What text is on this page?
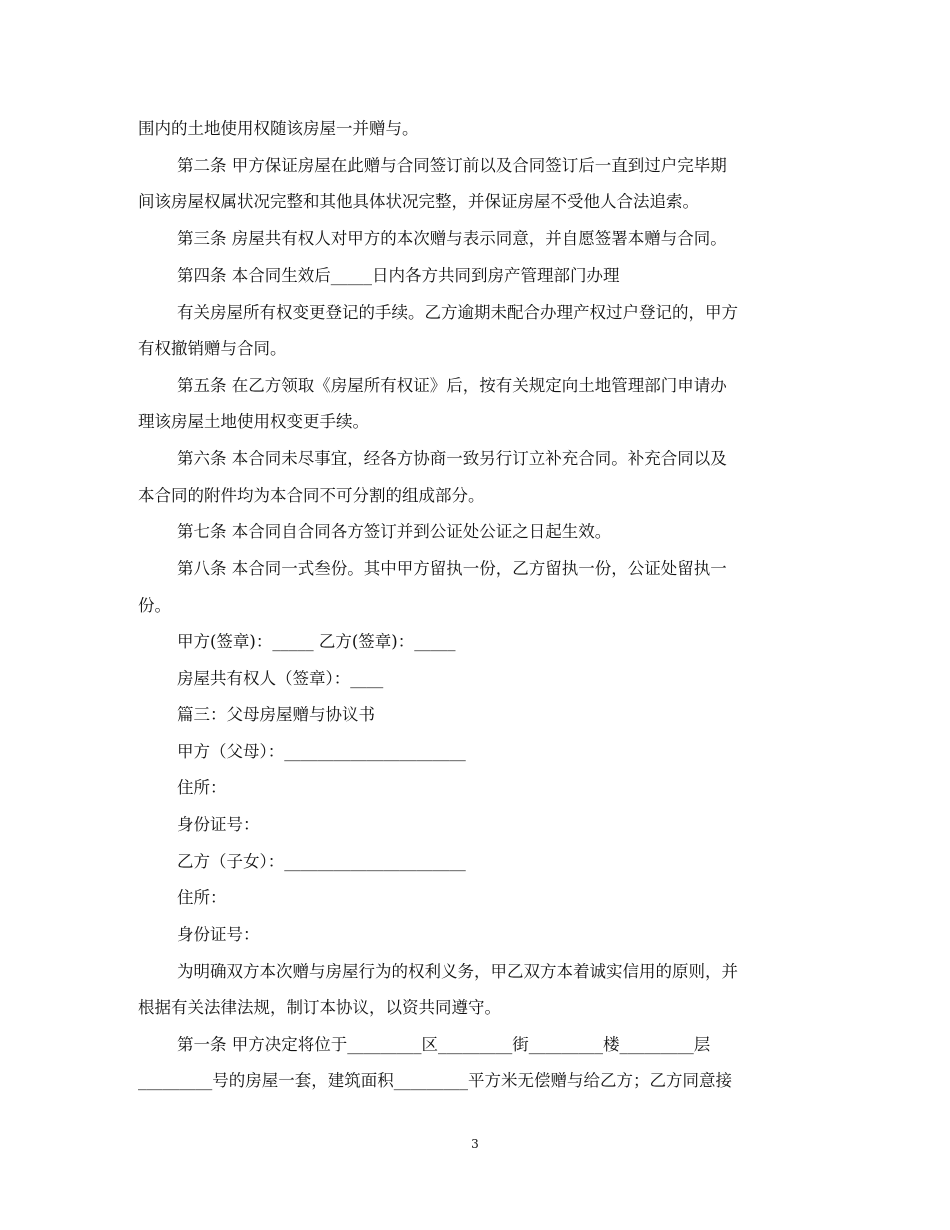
围内的土地使用权随该房屋一并赠与。
第二条 甲方保证房屋在此赠与合同签订前以及合同签订后一直到过户完毕期
间该房屋权属状况完整和其他具体状况完整，并保证房屋不受他人合法追索。
第三条 房屋共有权人对甲方的本次赠与表示同意，并自愿签署本赠与合同。
第四条 本合同生效后_____日内各方共同到房产管理部门办理
有关房屋所有权变更登记的手续。乙方逾期未配合办理产权过户登记的，甲方
有权撤销赠与合同。
第五条 在乙方领取《房屋所有权证》后，按有关规定向土地管理部门申请办
理该房屋土地使用权变更手续。
第六条 本合同未尽事宜，经各方协商一致另行订立补充合同。补充合同以及
本合同的附件均为本合同不可分割的组成部分。
第七条 本合同自合同各方签订并到公证处公证之日起生效。
第八条 本合同一式叁份。其中甲方留执一份，乙方留执一份，公证处留执一
份。
甲方(签章)：_____ 乙方(签章)：_____
房屋共有权人（签章）：____
篇三：父母房屋赠与协议书
甲方（父母）：______________________
住所：
身份证号：
乙方（子女）：______________________
住所：
身份证号：
为明确双方本次赠与房屋行为的权利义务，甲乙双方本着诚实信用的原则，并
根据有关法律法规，制订本协议，以资共同遵守。
第一条 甲方决定将位于_________区_________街_________楼_________层
_________号的房屋一套，建筑面积_________平方米无偿赠与给乙方；乙方同意接
3
